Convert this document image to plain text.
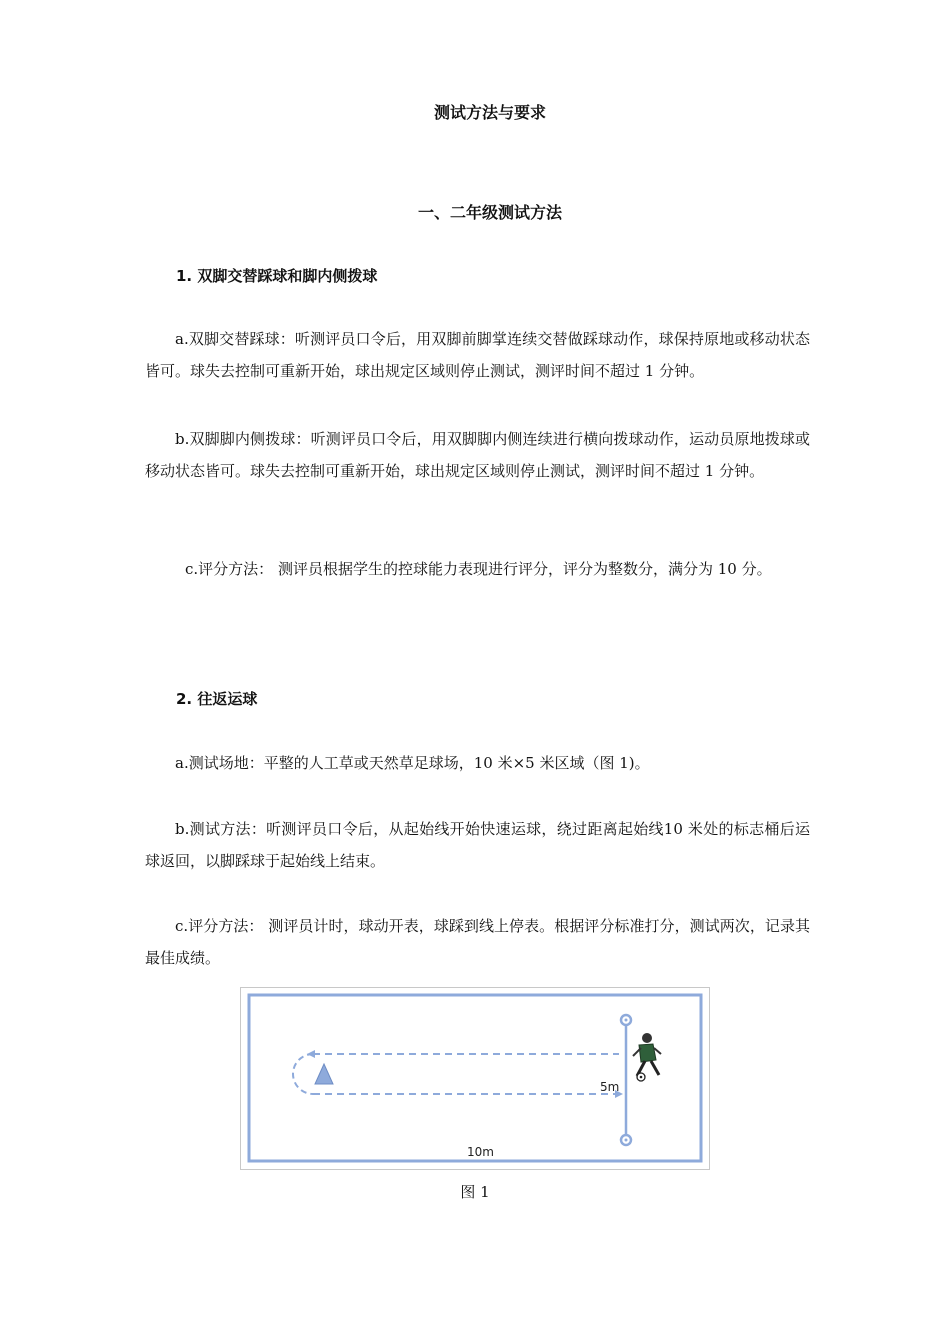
测试方法与要求
一、二年级测试方法
1. 双脚交替踩球和脚内侧拨球

a.双脚交替踩球：听测评员口令后，用双脚前脚掌连续交替做踩球动作，球保持原地或移动状态皆可。球失去控制可重新开始，球出规定区域则停止测试，测评时间不超过 1 分钟。

b.双脚脚内侧拨球：听测评员口令后，用双脚脚内侧连续进行横向拨球动作，运动员原地拨球或移动状态皆可。球失去控制可重新开始，球出规定区域则停止测试，测评时间不超过 1 分钟。

c.评分方法： 测评员根据学生的控球能力表现进行评分，评分为整数分，满分为 10 分。

2. 往返运球

a.测试场地：平整的人工草或天然草足球场，10 米×5 米区域（图 1)。

b.测试方法：听测评员口令后，从起始线开始快速运球，绕过距离起始线10 米处的标志桶后运球返回，以脚踩球于起始线上结束。

c.评分方法： 测评员计时，球动开表，球踩到线上停表。根据评分标准打分，测试两次，记录其最佳成绩。

5m
10m
图 1
